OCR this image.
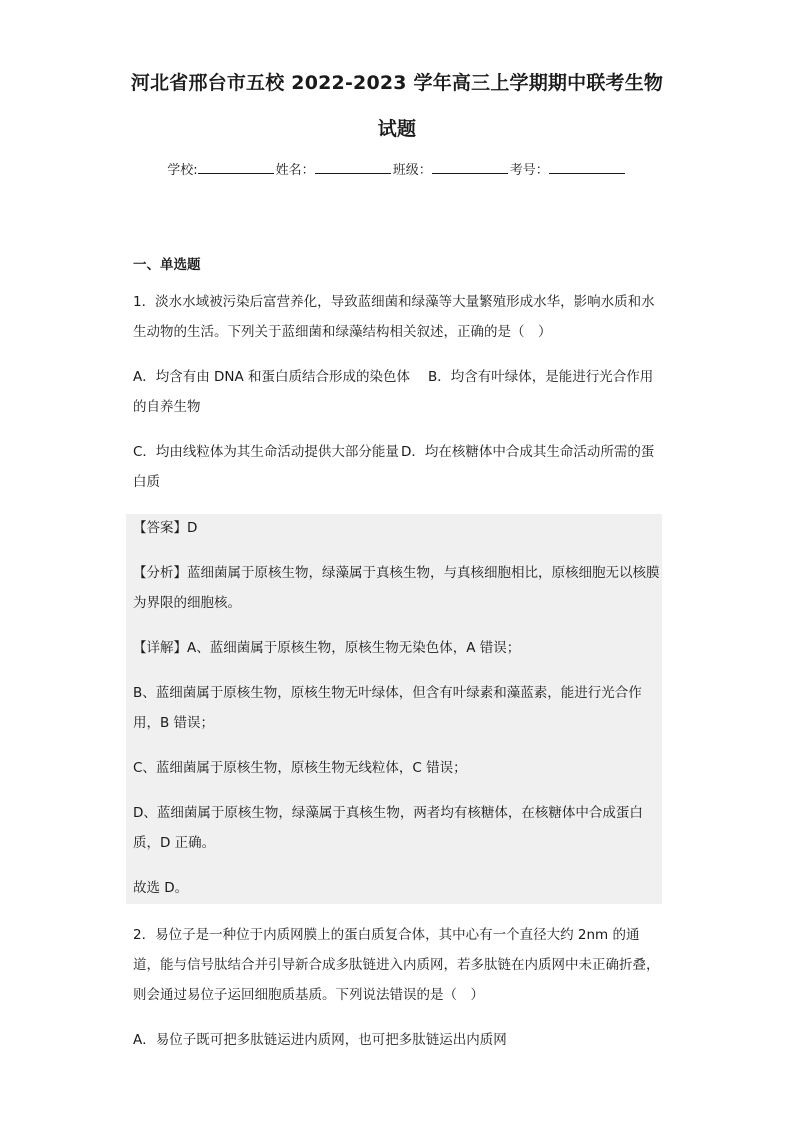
河北省邢台市五校 2022-2023 学年高三上学期期中联考生物
试题
学校:	姓名：	班级：	考号：
一、单选题

1．淡水水域被污染后富营养化，导致蓝细菌和绿藻等大量繁殖形成水华，影响水质和水生动物的生活。下列关于蓝细菌和绿藻结构相关叙述，正确的是（　）

A．均含有由 DNA 和蛋白质结合形成的染色体 B．均含有叶绿体，是能进行光合作用的自养生物

C．均由线粒体为其生命活动提供大部分能量 D．均在核糖体中合成其生命活动所需的蛋白质

【答案】D

【分析】蓝细菌属于原核生物，绿藻属于真核生物，与真核细胞相比，原核细胞无以核膜为界限的细胞核。

【详解】A、蓝细菌属于原核生物，原核生物无染色体，A 错误；

B、蓝细菌属于原核生物，原核生物无叶绿体，但含有叶绿素和藻蓝素，能进行光合作用，B 错误；

C、蓝细菌属于原核生物，原核生物无线粒体，C 错误；

D、蓝细菌属于原核生物，绿藻属于真核生物，两者均有核糖体，在核糖体中合成蛋白质，D 正确。

故选 D。

2．易位子是一种位于内质网膜上的蛋白质复合体，其中心有一个直径大约 2nm 的通道，能与信号肽结合并引导新合成多肽链进入内质网，若多肽链在内质网中未正确折叠，则会通过易位子运回细胞质基质。下列说法错误的是（　）

A．易位子既可把多肽链运进内质网，也可把多肽链运出内质网
